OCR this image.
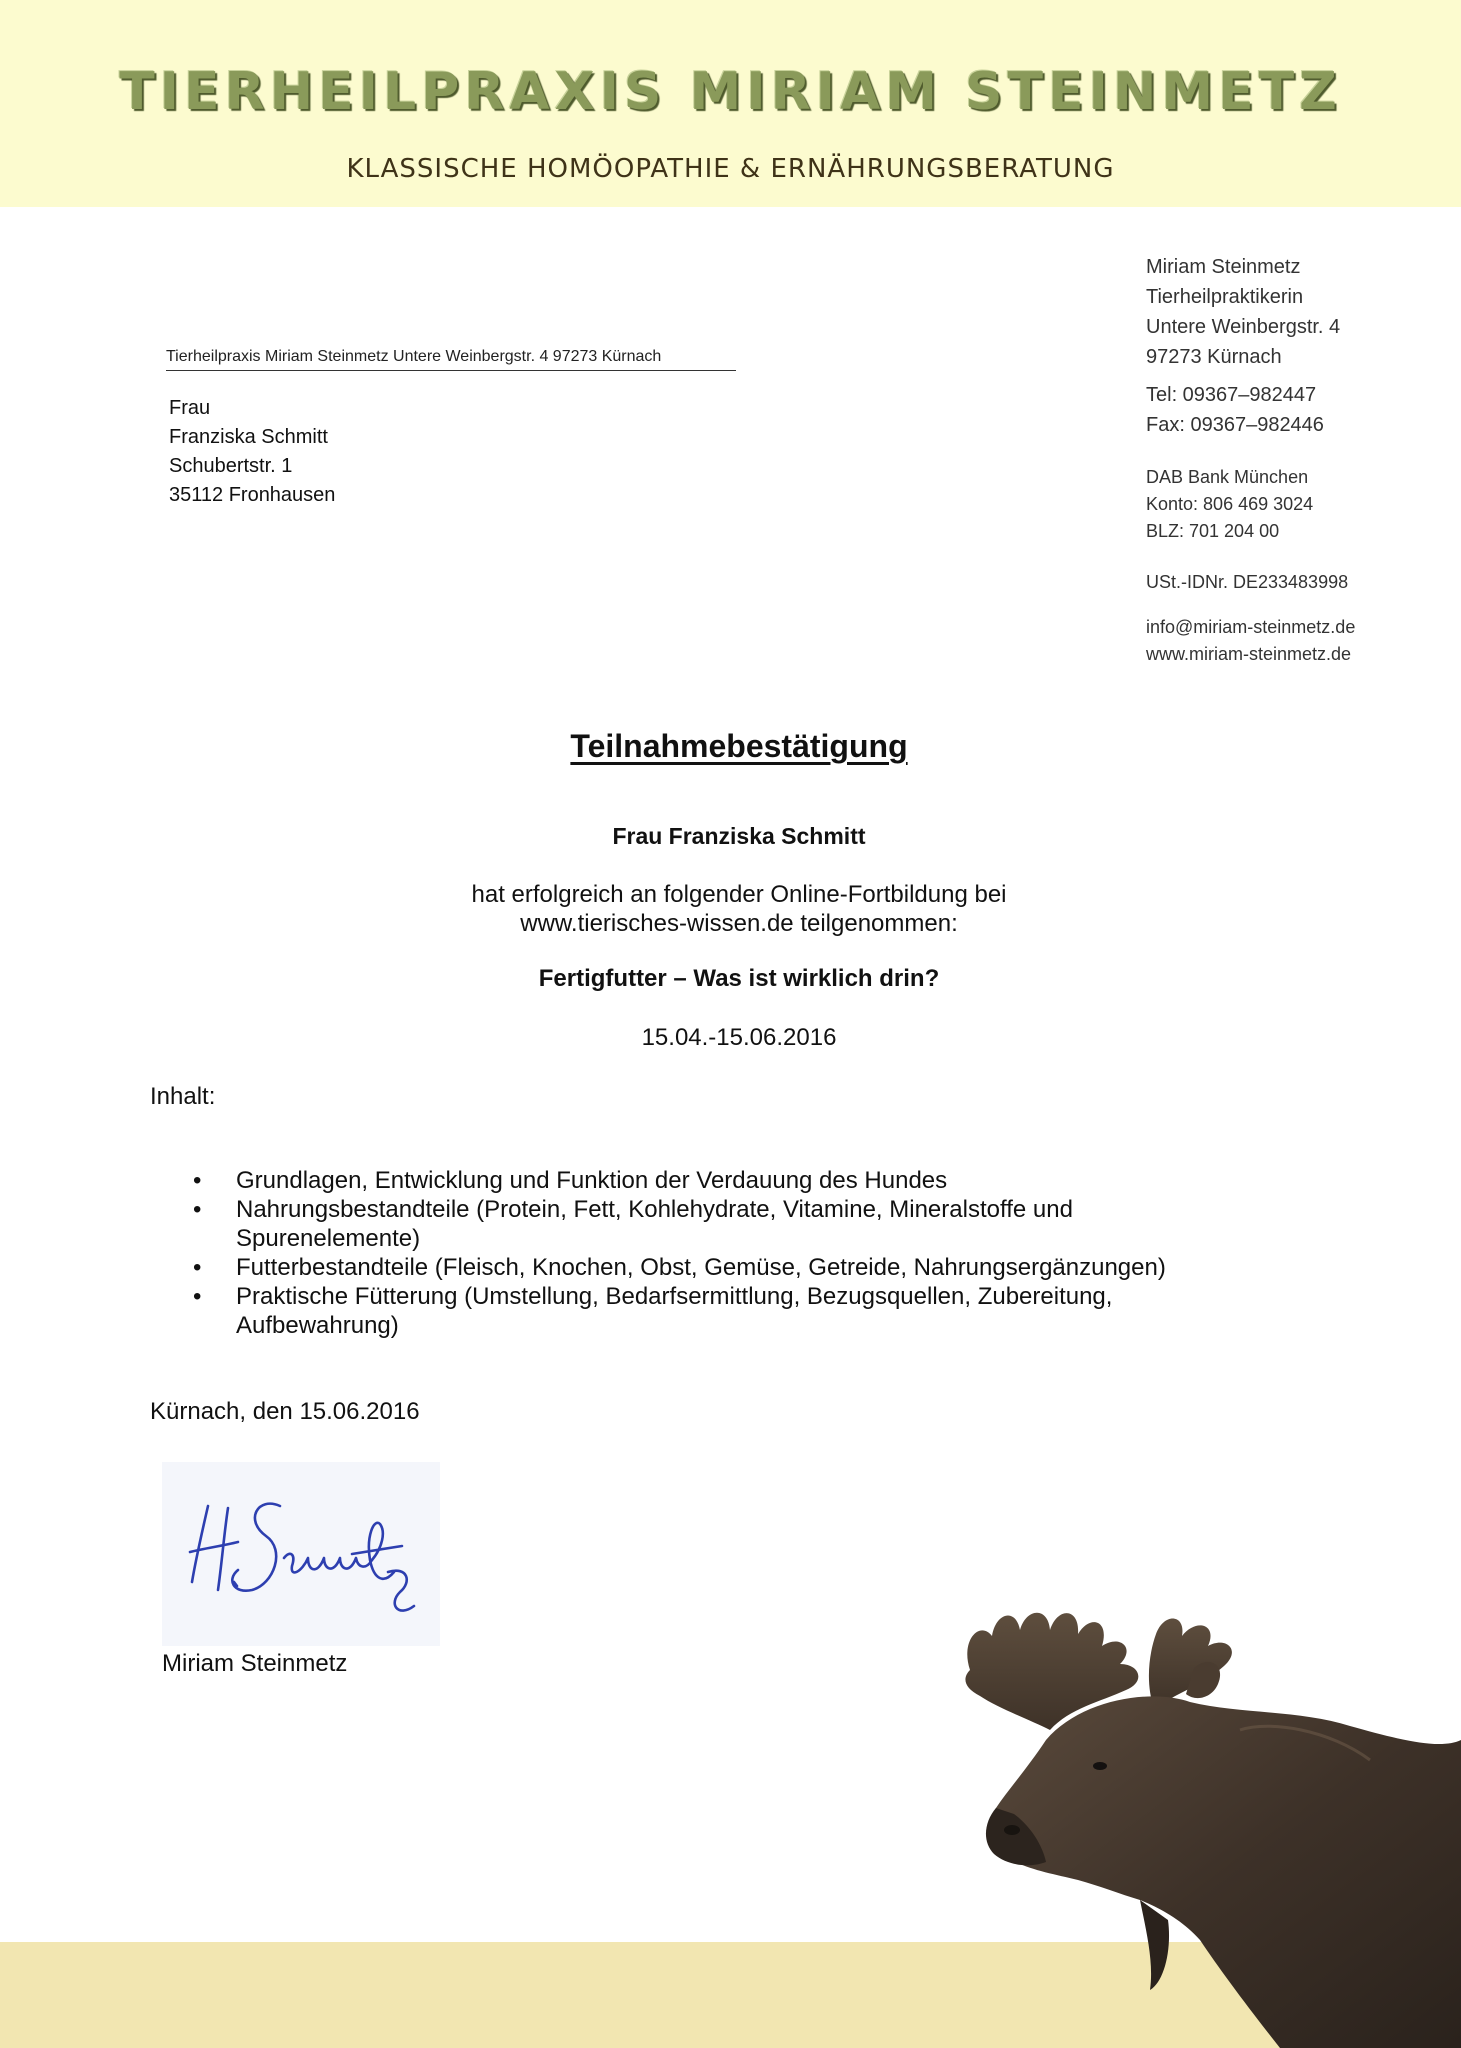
TIERHEILPRAXIS MIRIAM STEINMETZ
KLASSISCHE HOMÖOPATHIE & ERNÄHRUNGSBERATUNG
Tierheilpraxis Miriam Steinmetz Untere Weinbergstr. 4 97273 Kürnach
Frau
Franziska Schmitt
Schubertstr. 1
35112 Fronhausen
Miriam Steinmetz
Tierheilpraktikerin
Untere Weinbergstr. 4
97273 Kürnach
Tel: 09367–982447
Fax: 09367–982446
DAB Bank München
Konto: 806 469 3024
BLZ: 701 204 00
USt.-IDNr. DE233483998
info@miriam-steinmetz.de
www.miriam-steinmetz.de
Teilnahmebestätigung
Frau Franziska Schmitt
hat erfolgreich an folgender Online-Fortbildung bei
www.tierisches-wissen.de teilgenommen:
Fertigfutter – Was ist wirklich drin?
15.04.-15.06.2016
Inhalt:
• Grundlagen, Entwicklung und Funktion der Verdauung des Hundes
• Nahrungsbestandteile (Protein, Fett, Kohlehydrate, Vitamine, Mineralstoffe und
Spurenelemente)
• Futterbestandteile (Fleisch, Knochen, Obst, Gemüse, Getreide, Nahrungsergänzungen)
• Praktische Fütterung (Umstellung, Bedarfsermittlung, Bezugsquellen, Zubereitung,
Aufbewahrung)
Kürnach, den 15.06.2016
Miriam Steinmetz
